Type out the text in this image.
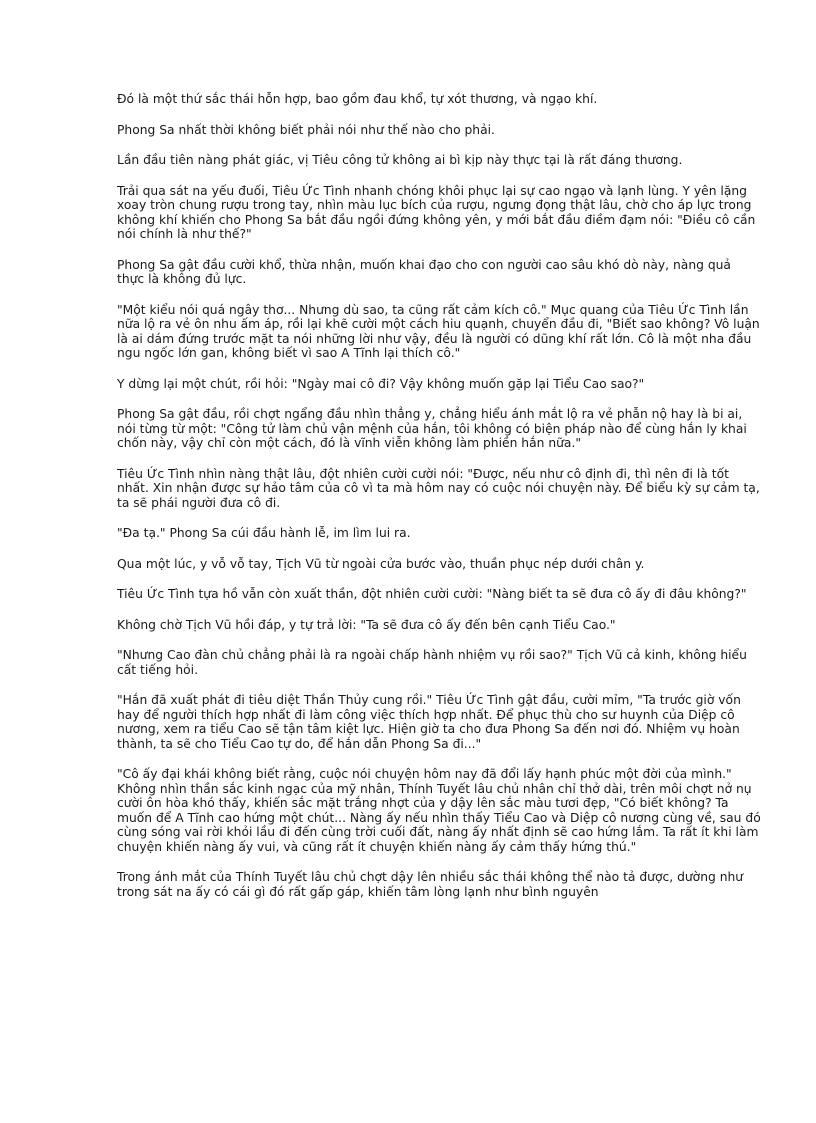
Đó là một thứ sắc thái hỗn hợp, bao gồm đau khổ, tự xót thương, và ngạo khí.

Phong Sa nhất thời không biết phải nói như thế nào cho phải.

Lần đầu tiên nàng phát giác, vị Tiêu công tử không ai bì kịp này thực tại là rất đáng thương.

Trải qua sát na yếu đuối, Tiêu Ức Tình nhanh chóng khôi phục lại sự cao ngạo và lạnh lùng. Y yên lặng xoay tròn chung rượu trong tay, nhìn màu lục bích của rượu, ngưng đọng thật lâu, chờ cho áp lực trong không khí khiến cho Phong Sa bắt đầu ngồi đứng không yên, y mới bắt đầu điềm đạm nói: "Điều cô cần nói chính là như thế?"

Phong Sa gật đầu cười khổ, thừa nhận, muốn khai đạo cho con người cao sâu khó dò này, nàng quả thực là không đủ lực.

"Một kiểu nói quá ngây thơ... Nhưng dù sao, ta cũng rất cảm kích cô." Mục quang của Tiêu Ức Tình lần nữa lộ ra vẻ ôn nhu ấm áp, rồi lại khẽ cười một cách hiu quạnh, chuyển đầu đi, "Biết sao không? Vô luận là ai dám đứng trước mặt ta nói những lời như vậy, đều là người có dũng khí rất lớn. Cô là một nha đầu ngu ngốc lớn gan, không biết vì sao A Tĩnh lại thích cô."

Y dừng lại một chút, rồi hỏi: "Ngày mai cô đi? Vậy không muốn gặp lại Tiểu Cao sao?"

Phong Sa gật đầu, rồi chợt ngẩng đầu nhìn thẳng y, chẳng hiểu ánh mắt lộ ra vẻ phẫn nộ hay là bi ai, nói từng từ một: "Công tử làm chủ vận mệnh của hắn, tôi không có biện pháp nào để cùng hắn ly khai chốn này, vậy chỉ còn một cách, đó là vĩnh viễn không làm phiền hắn nữa."

Tiêu Ức Tình nhìn nàng thật lâu, đột nhiên cười cười nói: "Được, nếu như cô định đi, thì nên đi là tốt nhất. Xin nhận được sự hảo tâm của cô vì ta mà hôm nay có cuộc nói chuyện này. Để biểu kỳ sự cảm tạ, ta sẽ phái người đưa cô đi.

"Đa tạ." Phong Sa cúi đầu hành lễ, im lìm lui ra.

Qua một lúc, y vỗ vỗ tay, Tịch Vũ từ ngoài cửa bước vào, thuần phục nép dưới chân y.

Tiêu Ức Tình tựa hồ vẫn còn xuất thần, đột nhiên cười cười: "Nàng biết ta sẽ đưa cô ấy đi đâu không?"

Không chờ Tịch Vũ hồi đáp, y tự trả lời: "Ta sẽ đưa cô ấy đến bên cạnh Tiểu Cao."

"Nhưng Cao đàn chủ chẳng phải là ra ngoài chấp hành nhiệm vụ rồi sao?" Tịch Vũ cả kinh, không hiểu cất tiếng hỏi.

"Hắn đã xuất phát đi tiêu diệt Thần Thủy cung rồi." Tiêu Ức Tình gật đầu, cười mỉm, "Ta trước giờ vốn hay để người thích hợp nhất đi làm công việc thích hợp nhất. Để phục thù cho sư huynh của Diệp cô nương, xem ra tiểu Cao sẽ tận tâm kiệt lực. Hiện giờ ta cho đưa Phong Sa đến nơi đó. Nhiệm vụ hoàn thành, ta sẽ cho Tiểu Cao tự do, để hắn dẫn Phong Sa đi..."

"Cô ấy đại khái không biết rằng, cuộc nói chuyện hôm nay đã đổi lấy hạnh phúc một đời của mình." Không nhìn thần sắc kinh ngạc của mỹ nhân, Thính Tuyết lâu chủ nhân chỉ thở dài, trên môi chợt nở nụ cười ôn hòa khó thấy, khiến sắc mặt trắng nhợt của y dậy lên sắc màu tươi đẹp, "Có biết không? Ta muốn để A Tĩnh cao hứng một chút... Nàng ấy nếu nhìn thấy Tiểu Cao và Diệp cô nương cùng về, sau đó cùng sóng vai rời khỏi lầu đi đến cùng trời cuối đất, nàng ấy nhất định sẽ cao hứng lắm. Ta rất ít khi làm chuyện khiến nàng ấy vui, và cũng rất ít chuyện khiến nàng ấy cảm thấy hứng thú."

Trong ánh mắt của Thính Tuyết lâu chủ chợt dậy lên nhiều sắc thái không thể nào tả được, dường như trong sát na ấy có cái gì đó rất gấp gáp, khiến tâm lòng lạnh như bình nguyên
